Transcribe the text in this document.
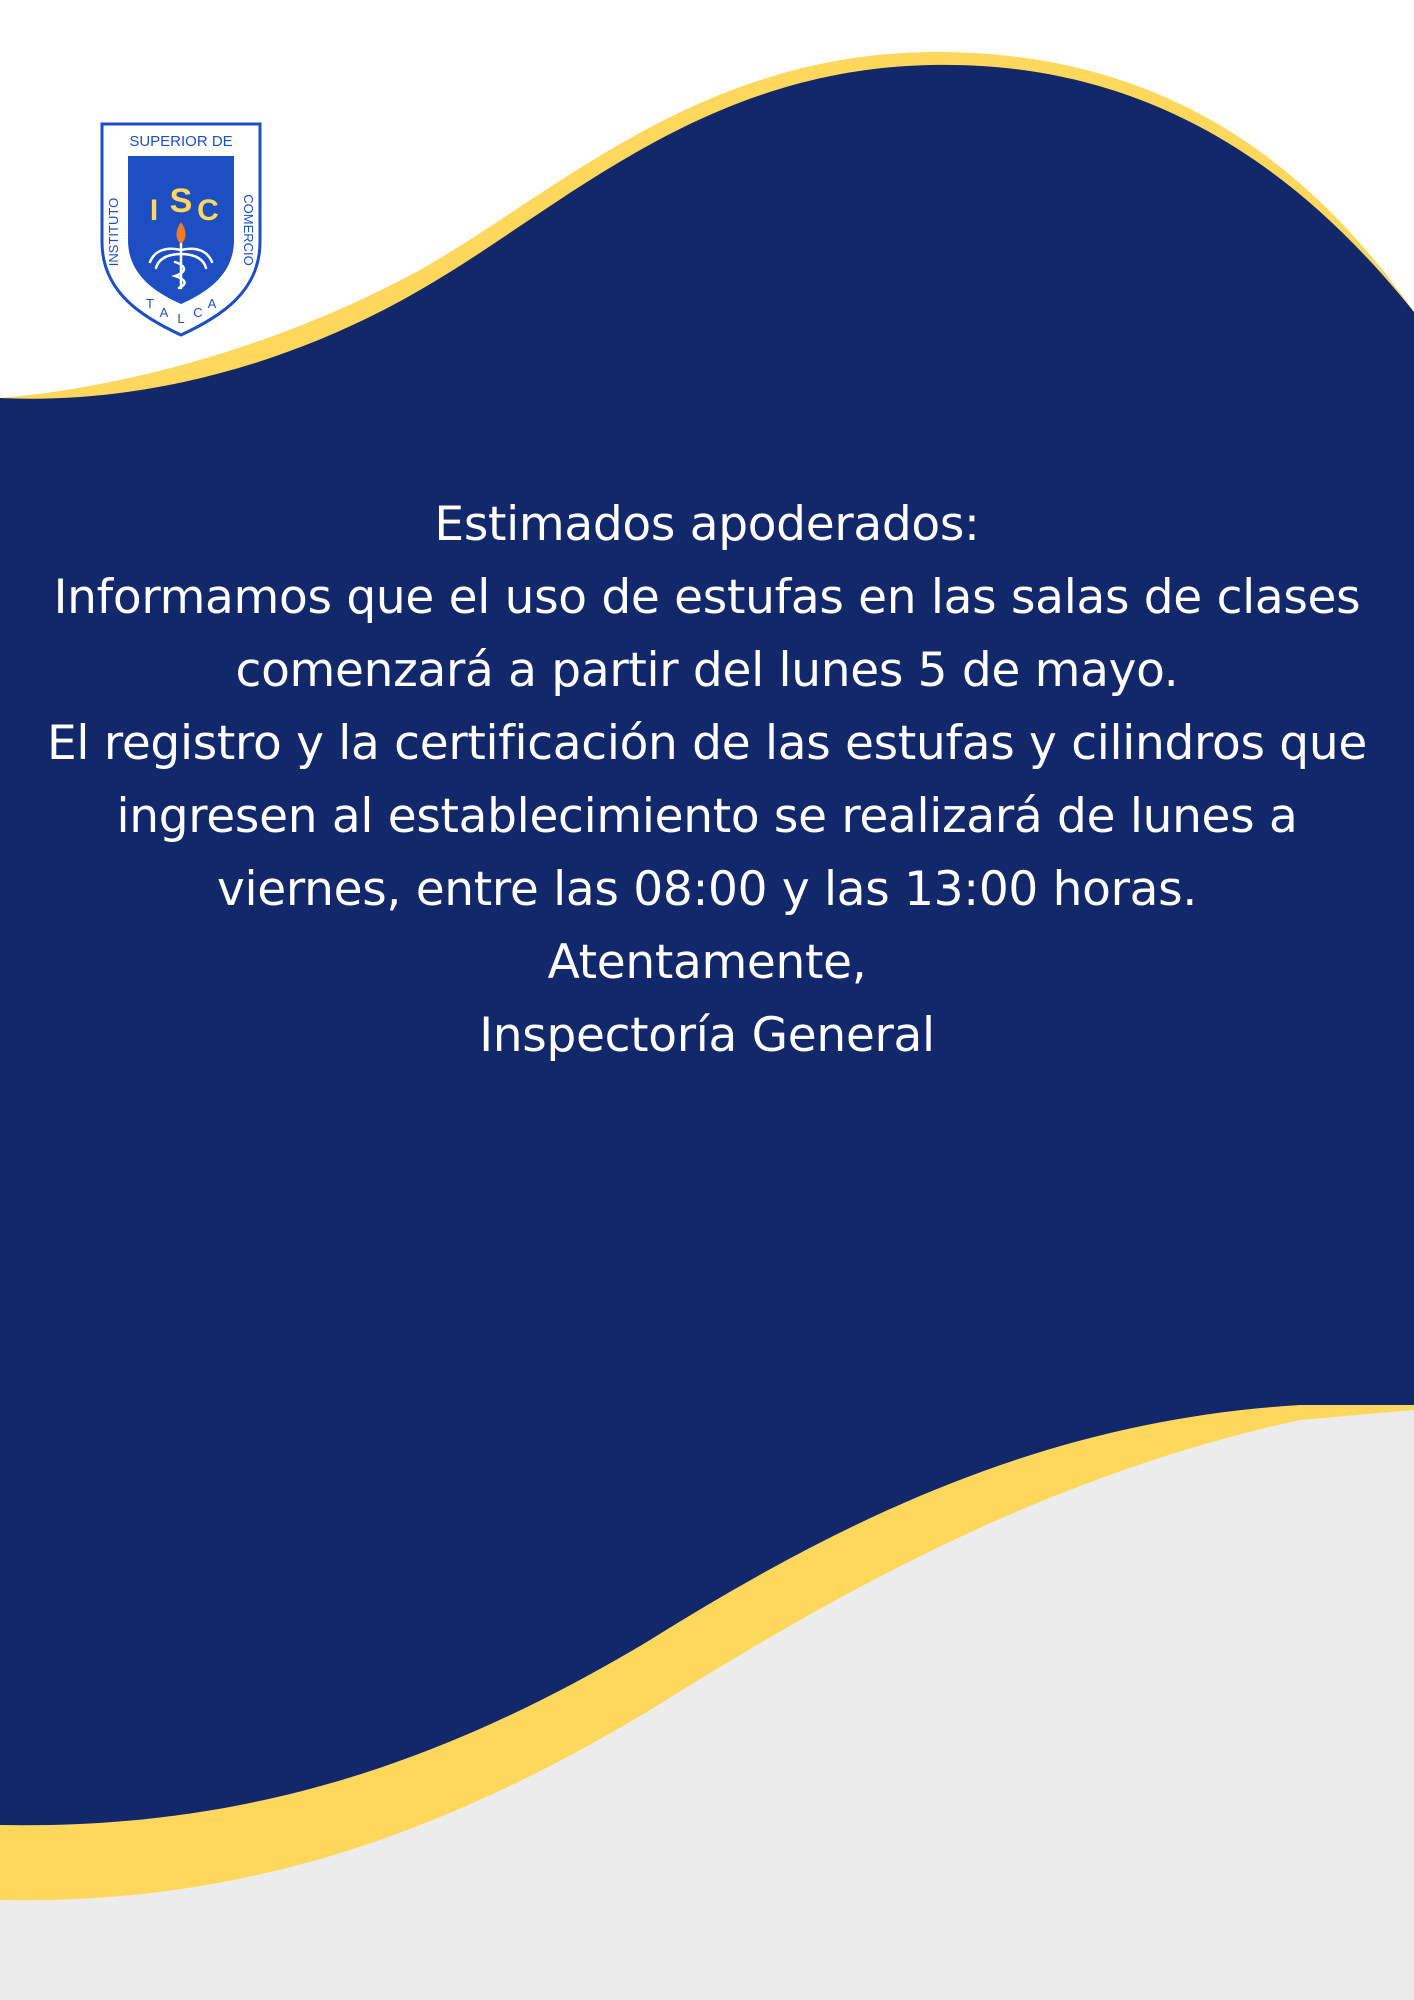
SUPERIOR DE
INSTITUTO	COMERCIO
I S C
T
A L C
A
Estimados apoderados:
Informamos que el uso de estufas en las salas de clases
comenzará a partir del lunes 5 de mayo.
El registro y la certificación de las estufas y cilindros que
ingresen al establecimiento se realizará de lunes a
viernes, entre las 08:00 y las 13:00 horas.
Atentamente,
Inspectoría General
